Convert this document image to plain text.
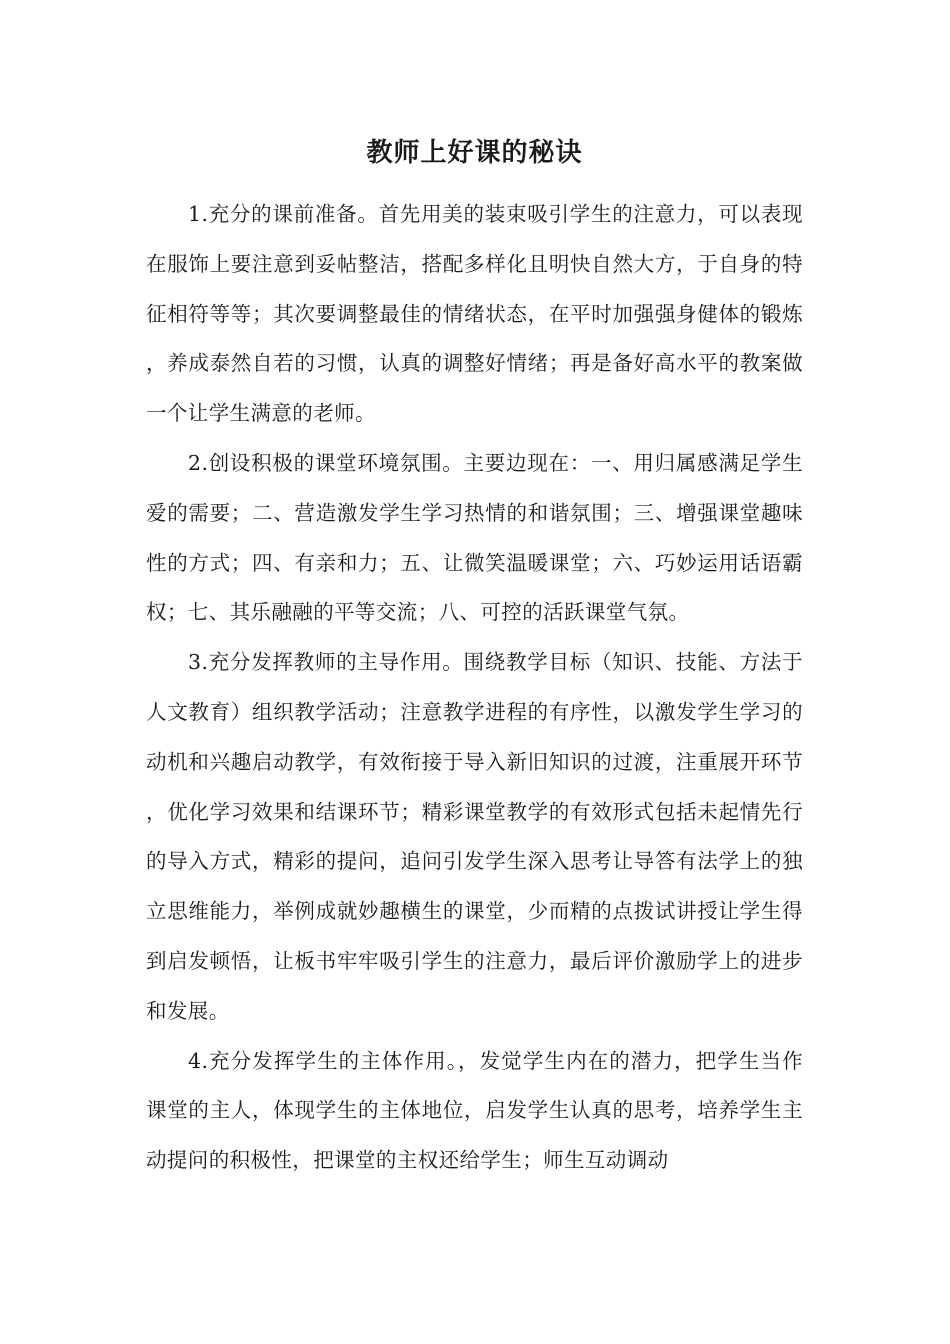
教师上好课的秘诀

1.充分的课前准备。首先用美的装束吸引学生的注意力，可以表现在服饰上要注意到妥帖整洁，搭配多样化且明快自然大方，于自身的特征相符等等；其次要调整最佳的情绪状态，在平时加强强身健体的锻炼，养成泰然自若的习惯，认真的调整好情绪；再是备好高水平的教案做一个让学生满意的老师。

2.创设积极的课堂环境氛围。主要边现在：一、用归属感满足学生爱的需要；二、营造激发学生学习热情的和谐氛围；三、增强课堂趣味性的方式；四、有亲和力；五、让微笑温暖课堂；六、巧妙运用话语霸权；七、其乐融融的平等交流；八、可控的活跃课堂气氛。

3.充分发挥教师的主导作用。围绕教学目标（知识、技能、方法于人文教育）组织教学活动；注意教学进程的有序性，以激发学生学习的动机和兴趣启动教学，有效衔接于导入新旧知识的过渡，注重展开环节，优化学习效果和结课环节；精彩课堂教学的有效形式包括未起情先行的导入方式，精彩的提问，追问引发学生深入思考让导答有法学上的独立思维能力，举例成就妙趣横生的课堂，少而精的点拨试讲授让学生得到启发顿悟，让板书牢牢吸引学生的注意力，最后评价激励学上的进步和发展。

4.充分发挥学生的主体作用。，发觉学生内在的潜力，把学生当作课堂的主人，体现学生的主体地位，启发学生认真的思考，培养学生主动提问的积极性，把课堂的主权还给学生；师生互动调动
